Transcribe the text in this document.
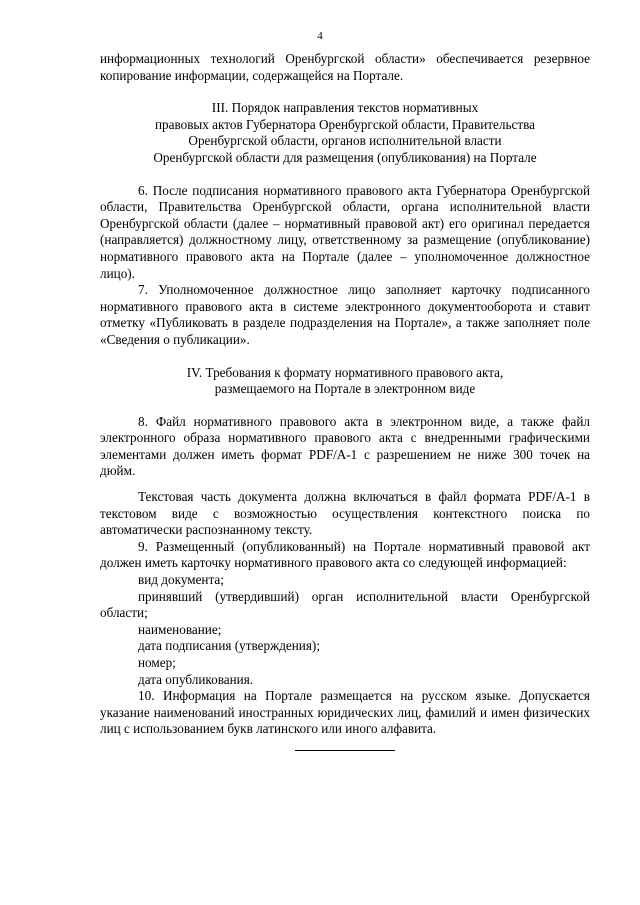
4

информационных технологий Оренбургской области» обеспечивается резервное копирование информации, содержащейся на Портале.

III. Порядок направления текстов нормативных

правовых актов Губернатора Оренбургской области, Правительства

Оренбургской области, органов исполнительной власти

Оренбургской области для размещения (опубликования) на Портале

6. После подписания нормативного правового акта Губернатора Оренбургской области, Правительства Оренбургской области, органа исполнительной власти Оренбургской области (далее – нормативный правовой акт) его оригинал передается (направляется) должностному лицу, ответственному за размещение (опубликование) нормативного правового акта на Портале (далее – уполномоченное должностное лицо).

7. Уполномоченное должностное лицо заполняет карточку подписанного нормативного правового акта в системе электронного документооборота и ставит отметку «Публиковать в разделе подразделения на Портале», а также заполняет поле «Сведения о публикации».

IV. Требования к формату нормативного правового акта,

размещаемого на Портале в электронном виде

8. Файл нормативного правового акта в электронном виде, а также файл электронного образа нормативного правового акта с внедренными графическими элементами должен иметь формат PDF/A-1 с разрешением не ниже 300 точек на дюйм.

Текстовая часть документа должна включаться в файл формата PDF/A-1 в текстовом виде с возможностью осуществления контекстного поиска по автоматически распознанному тексту.

9. Размещенный (опубликованный) на Портале нормативный правовой акт должен иметь карточку нормативного правового акта со следующей информацией:

вид документа;

принявший (утвердивший) орган исполнительной власти Оренбургской области;

наименование;

дата подписания (утверждения);

номер;

дата опубликования.

10. Информация на Портале размещается на русском языке. Допускается указание наименований иностранных юридических лиц, фамилий и имен физических лиц с использованием букв латинского или иного алфавита.
